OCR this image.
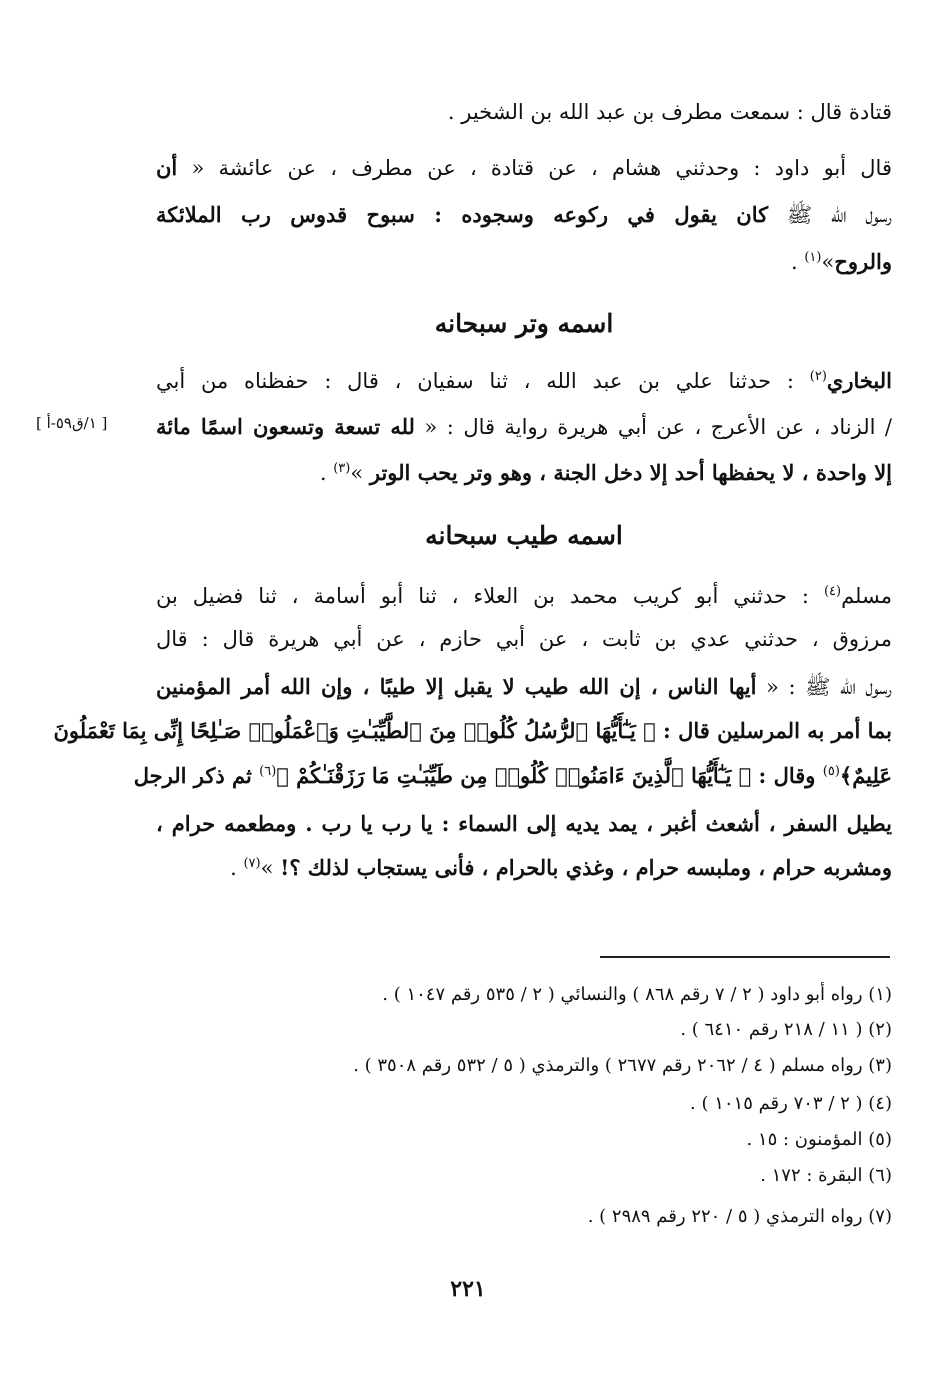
قتادة قال : سمعت مطرف بن عبد الله بن الشخير .
قال أبو داود : وحدثني هشام ، عن قتادة ، عن مطرف ، عن عائشة « أن
رسول الله ﷺ كان يقول في ركوعه وسجوده : سبوح قدوس رب الملائكة
والروح»$^{(١)}$ .
اسمه وتر سبحانه
البخاري$^{(٢)}$ : حدثنا علي بن عبد الله ، ثنا سفيان ، قال : حفظناه من أبي
/ الزناد ، عن الأعرج ، عن أبي هريرة رواية قال : « لله تسعة وتسعون اسمًا مائة
[ ١/ق٥٩-أ ]
إلا واحدة ، لا يحفظها أحد إلا دخل الجنة ، وهو وتر يحب الوتر »$^{(٣)}$ .
اسمه طيب سبحانه
مسلم$^{(٤)}$ : حدثني أبو كريب محمد بن العلاء ، ثنا أبو أسامة ، ثنا فضيل بن
مرزوق ، حدثني عدي بن ثابت ، عن أبي حازم ، عن أبي هريرة قال : قال
رسول الله ﷺ : « أيها الناس ، إن الله طيب لا يقبل إلا طيبًا ، وإن الله أمر المؤمنين
بما أمر به المرسلين قال : ﴿ يَـٰٓأَيُّهَا ٱلرُّسُلُ كُلُوا۟ مِنَ ٱلطَّيِّبَـٰتِ وَٱعْمَلُوا۟ صَـٰلِحًا إِنِّى بِمَا تَعْمَلُونَ
عَلِيمٌ﴾$^{(٥)}$ وقال : ﴿ يَـٰٓأَيُّهَا ٱلَّذِينَ ءَامَنُوا۟ كُلُوا۟ مِن طَيِّبَـٰتِ مَا رَزَقْنَـٰكُمْ ﴾$^{(٦)}$ ثم ذكر الرجل
يطيل السفر ، أشعث أغبر ، يمد يديه إلى السماء : يا رب يا رب . ومطعمه حرام ،
ومشربه حرام ، وملبسه حرام ، وغذي بالحرام ، فأنى يستجاب لذلك ؟! »$^{(٧)}$ .
(١) رواه أبو داود ( ٢ / ٧ رقم ٨٦٨ ) والنسائي ( ٢ / ٥٣٥ رقم ١٠٤٧ ) .
(٢) ( ١١ / ٢١٨ رقم ٦٤١٠ ) .
(٣) رواه مسلم ( ٤ / ٢٠٦٢ رقم ٢٦٧٧ ) والترمذي ( ٥ / ٥٣٢ رقم ٣٥٠٨ ) .
(٤) ( ٢ / ٧٠٣ رقم ١٠١٥ ) .
(٥) المؤمنون : ١٥ .
(٦) البقرة : ١٧٢ .
(٧) رواه الترمذي ( ٥ / ٢٢٠ رقم ٢٩٨٩ ) .
٢٢١
